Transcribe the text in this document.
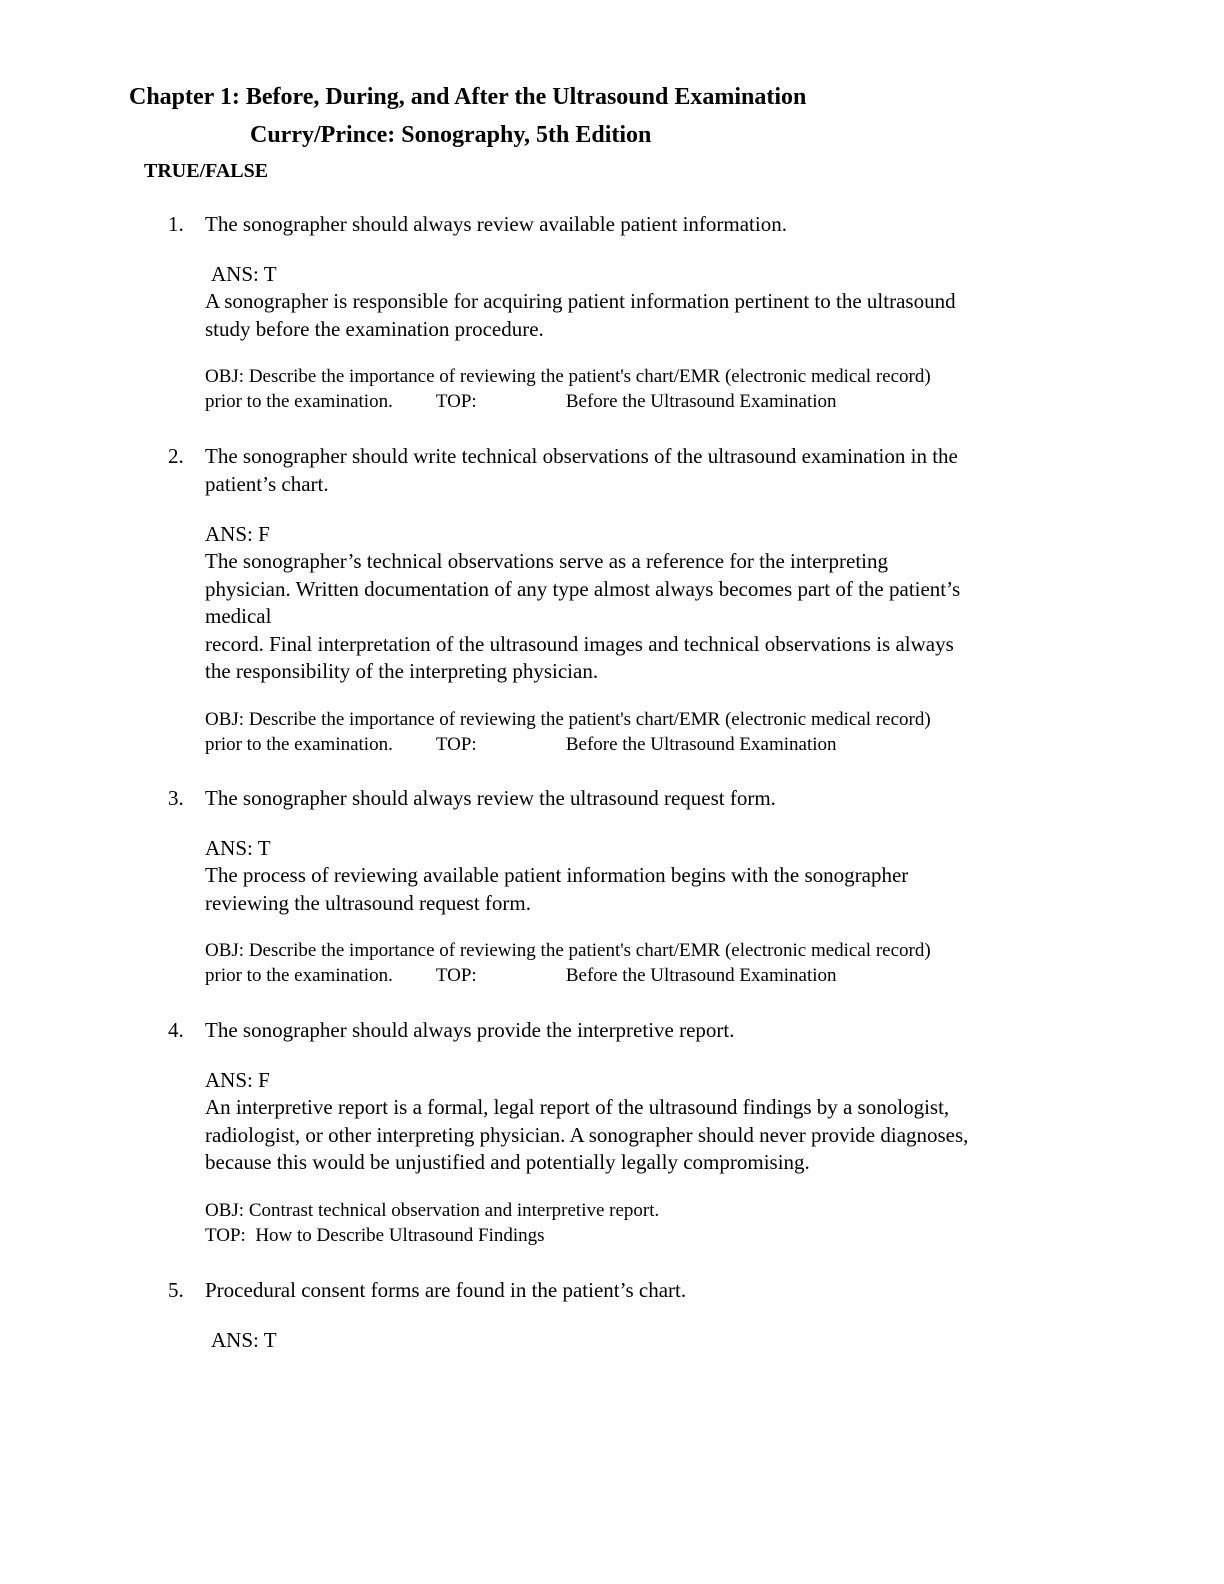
Chapter 1: Before, During, and After the Ultrasound Examination
Curry/Prince: Sonography, 5th Edition
TRUE/FALSE
1. The sonographer should always review available patient information.
ANS: T
A sonographer is responsible for acquiring patient information pertinent to the ultrasound
study before the examination procedure.
OBJ: Describe the importance of reviewing the patient's chart/EMR (electronic medical record)
prior to the examination. TOP:	Before the Ultrasound Examination
2. The sonographer should write technical observations of the ultrasound examination in the
patient’s chart.
ANS: F
The sonographer’s technical observations serve as a reference for the interpreting
physician. Written documentation of any type almost always becomes part of the patient’s
medical
record. Final interpretation of the ultrasound images and technical observations is always
the responsibility of the interpreting physician.
OBJ: Describe the importance of reviewing the patient's chart/EMR (electronic medical record)
prior to the examination. TOP:	Before the Ultrasound Examination
3. The sonographer should always review the ultrasound request form.
ANS: T
The process of reviewing available patient information begins with the sonographer
reviewing the ultrasound request form.
OBJ: Describe the importance of reviewing the patient's chart/EMR (electronic medical record)
prior to the examination. TOP:	Before the Ultrasound Examination
4. The sonographer should always provide the interpretive report.
ANS: F
An interpretive report is a formal, legal report of the ultrasound findings by a sonologist,
radiologist, or other interpreting physician. A sonographer should never provide diagnoses,
because this would be unjustified and potentially legally compromising.
OBJ: Contrast technical observation and interpretive report.
TOP:  How to Describe Ultrasound Findings
5. Procedural consent forms are found in the patient’s chart.
ANS: T
